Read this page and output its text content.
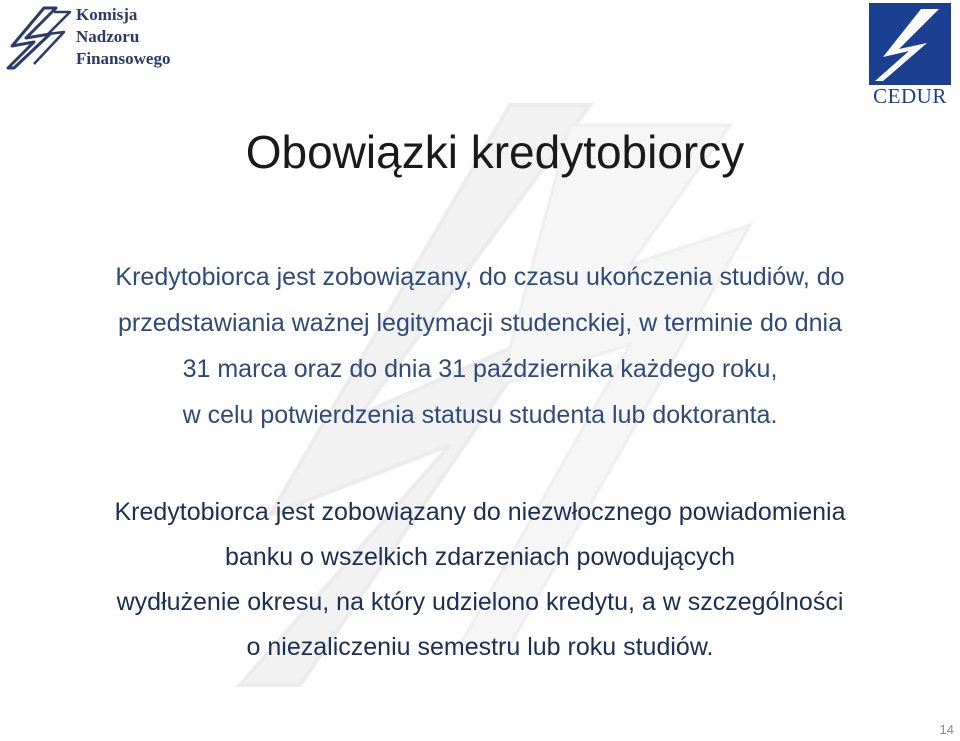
Komisja
Nadzoru
Finansowego
CEDUR
Obowiązki kredytobiorcy
Kredytobiorca jest zobowiązany, do czasu ukończenia studiów, do
przedstawiania ważnej legitymacji studenckiej, w terminie do dnia
31 marca oraz do dnia 31 października każdego roku,
w celu potwierdzenia statusu studenta lub doktoranta.
Kredytobiorca jest zobowiązany do niezwłocznego powiadomienia
banku o wszelkich zdarzeniach powodujących
wydłużenie okresu, na który udzielono kredytu, a w szczególności
o niezaliczeniu semestru lub roku studiów.
14
